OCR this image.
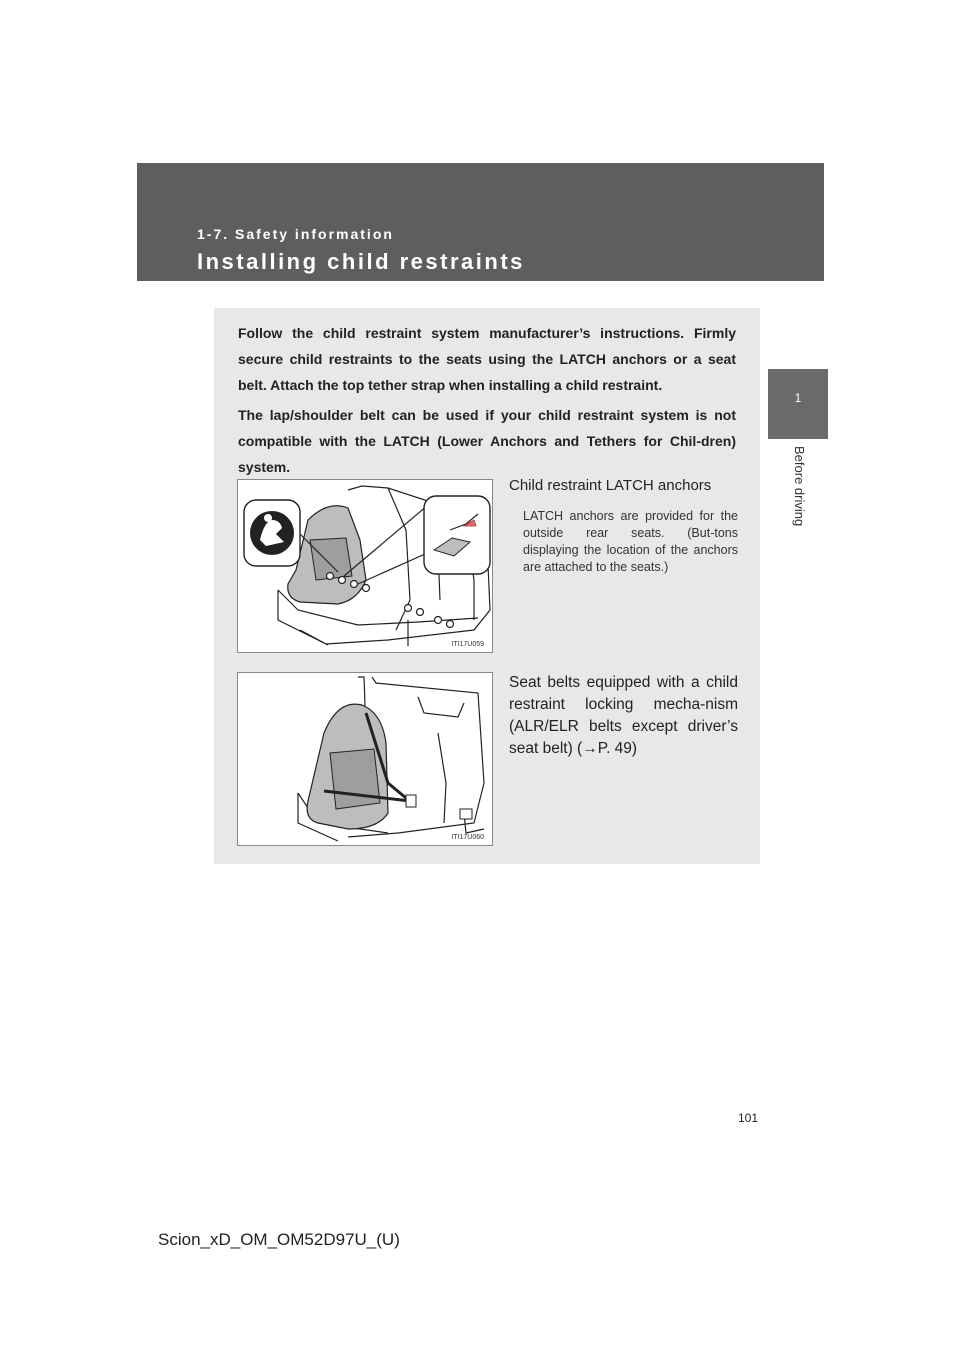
1-7. Safety information
Installing child restraints
1
Before driving

Follow the child restraint system manufacturer’s instructions. Firmly secure child restraints to the seats using the LATCH anchors or a seat belt. Attach the top tether strap when installing a child restraint.

The lap/shoulder belt can be used if your child restraint system is not compatible with the LATCH (Lower Anchors and Tethers for Chil-dren) system.

ITI17U059
Child restraint LATCH anchors

LATCH anchors are provided for the outside rear seats. (But-tons displaying the location of the anchors are attached to the seats.)

ITI17U060

Seat belts equipped with a child restraint locking mecha-nism (ALR/ELR belts except driver’s seat belt) (→P. 49)

101
Scion_xD_OM_OM52D97U_(U)
